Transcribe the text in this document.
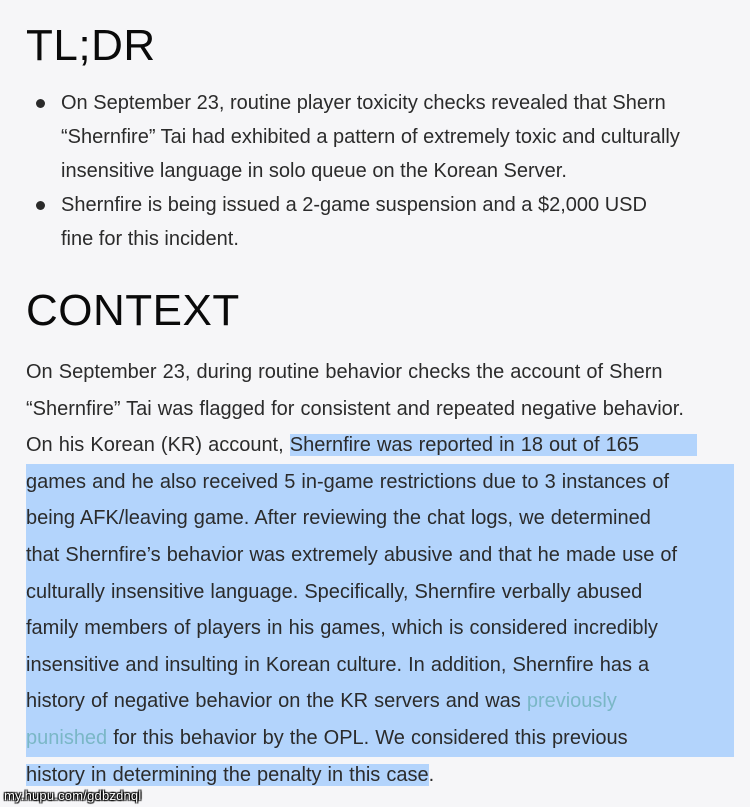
TL;DR
On September 23, routine player toxicity checks revealed that Shern
“Shernfire” Tai had exhibited a pattern of extremely toxic and culturally
insensitive language in solo queue on the Korean Server.
Shernfire is being issued a 2-game suspension and a $2,000 USD
fine for this incident.
CONTEXT
On September 23, during routine behavior checks the account of Shern
“Shernfire” Tai was flagged for consistent and repeated negative behavior.
On his Korean (KR) account, Shernfire was reported in 18 out of 165
games and he also received 5 in-game restrictions due to 3 instances of
being AFK/leaving game. After reviewing the chat logs, we determined
that Shernfire’s behavior was extremely abusive and that he made use of
culturally insensitive language. Specifically, Shernfire verbally abused
family members of players in his games, which is considered incredibly
insensitive and insulting in Korean culture. In addition, Shernfire has a
history of negative behavior on the KR servers and was previously
punished for this behavior by the OPL. We considered this previous
history in determining the penalty in this case.
my.hupu.com/gdbzdnql
